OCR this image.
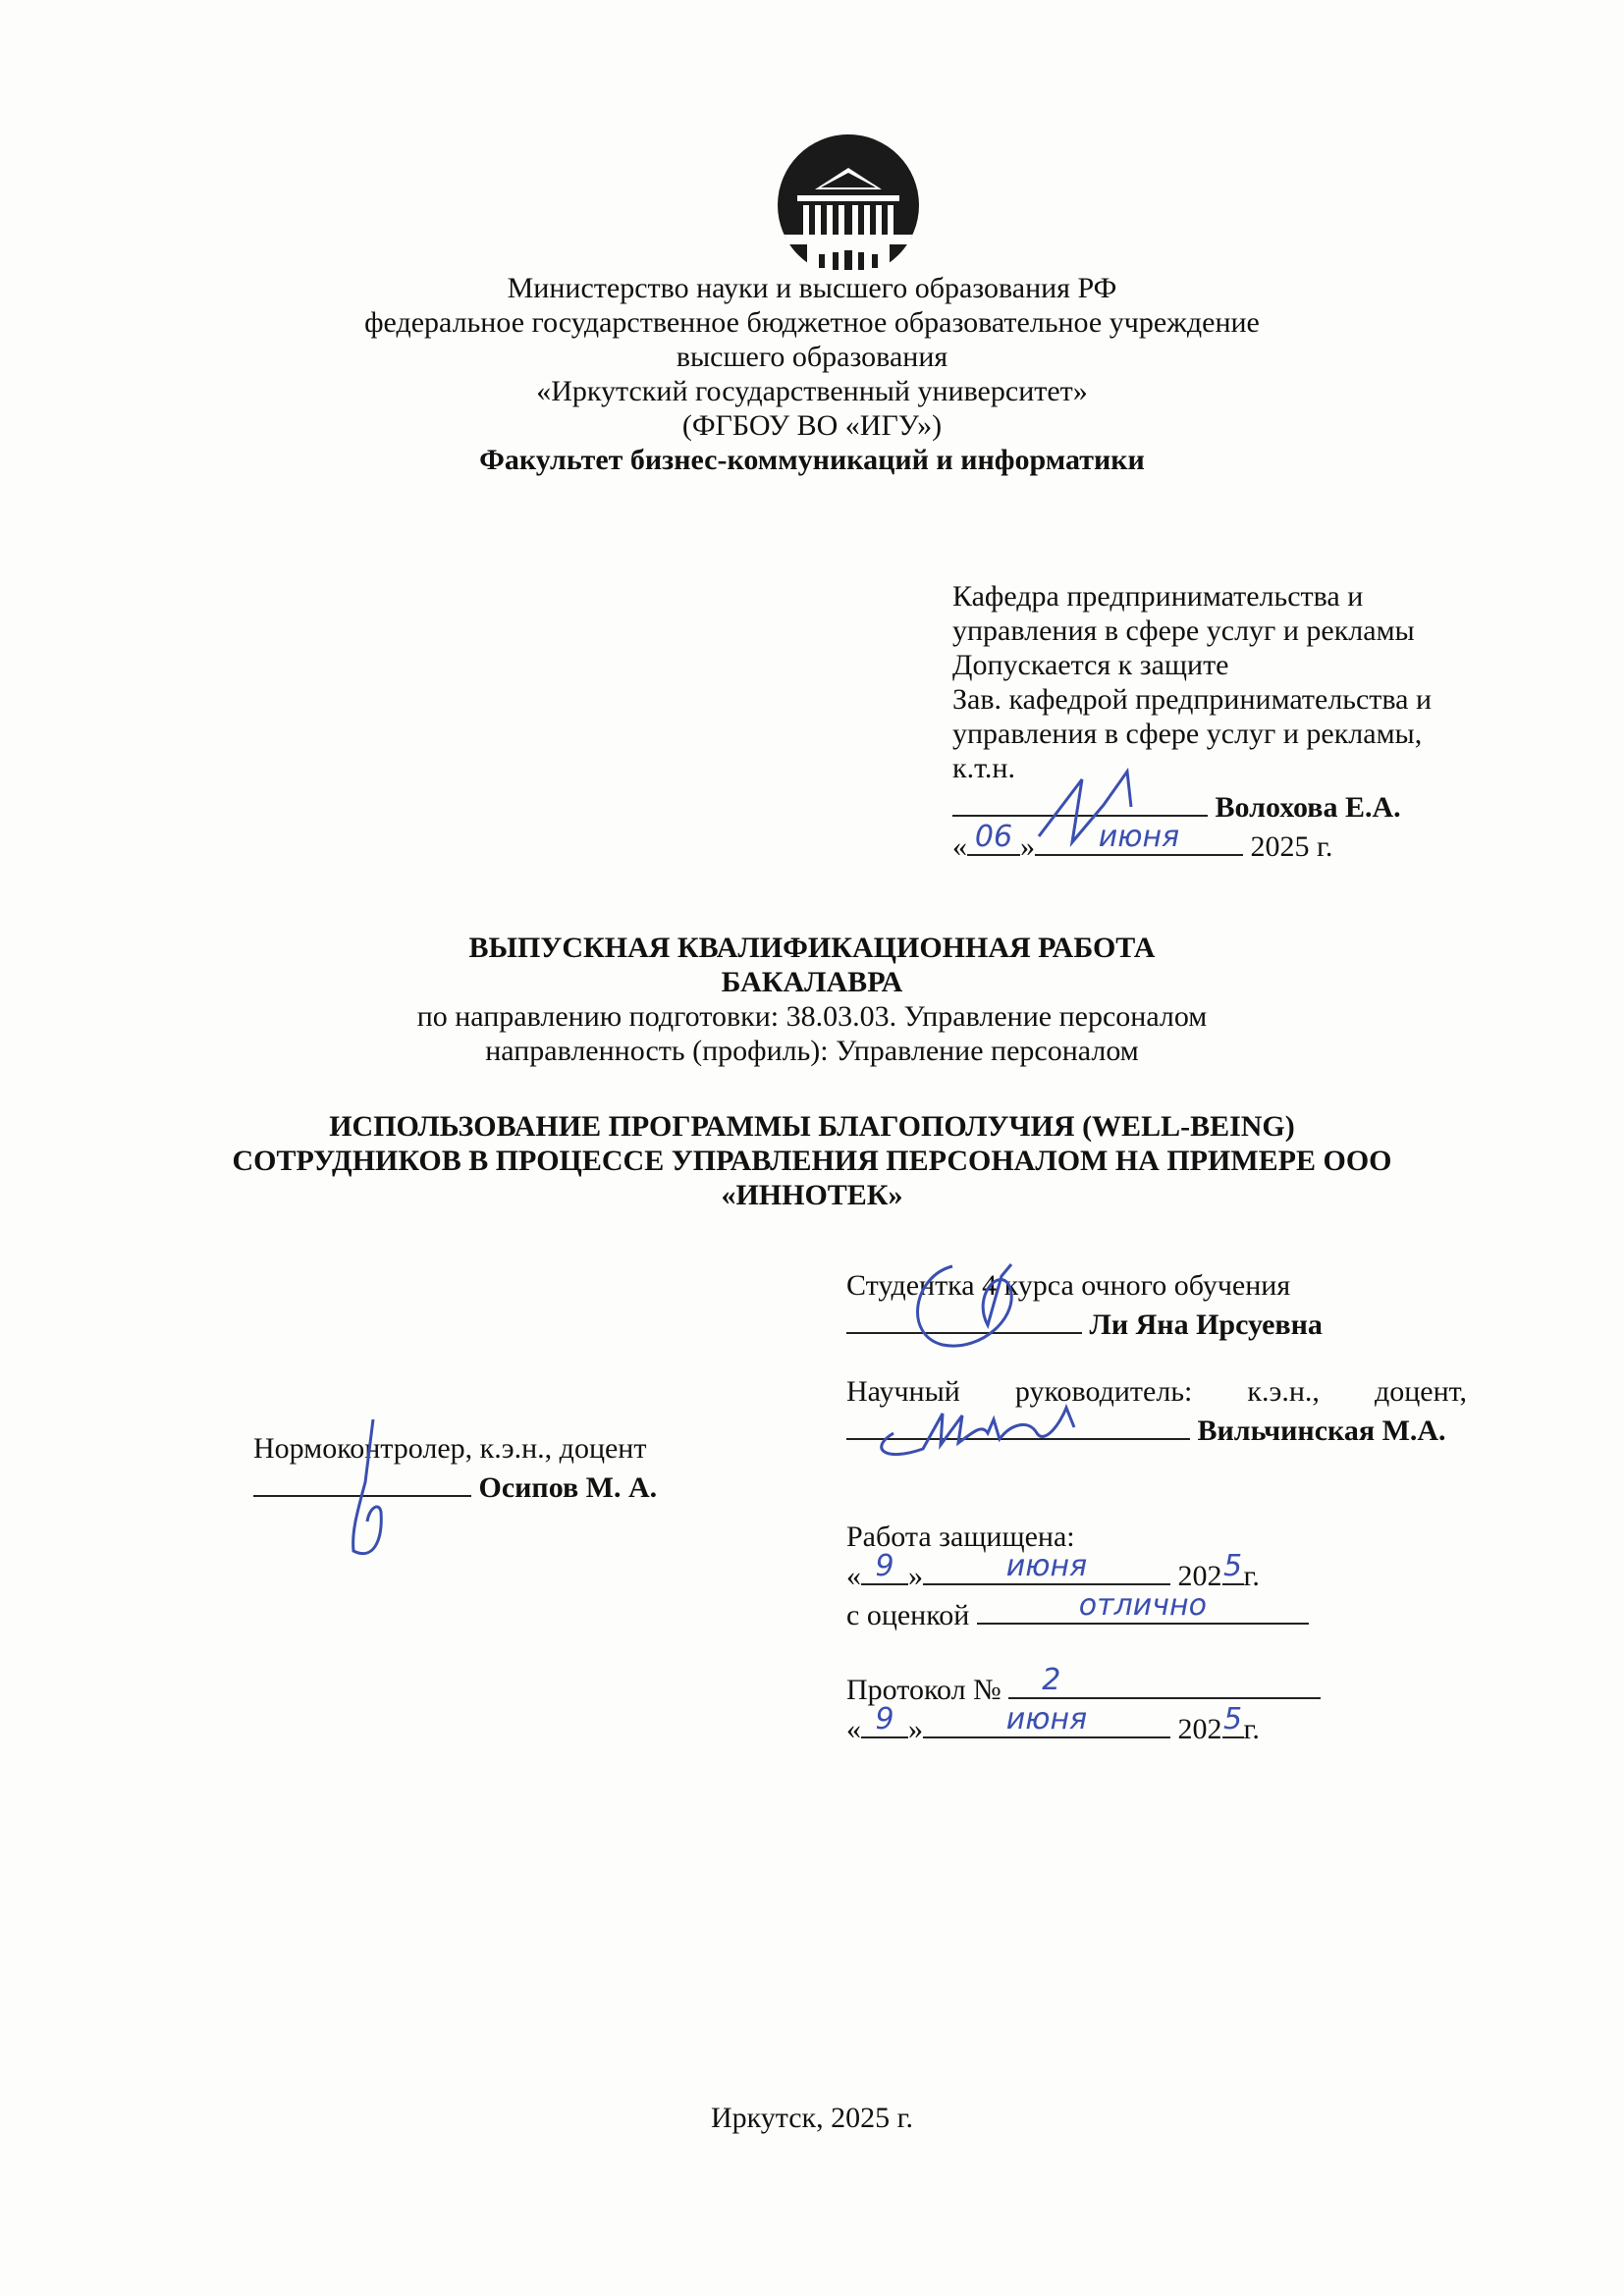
Министерство науки и высшего образования РФ
федеральное государственное бюджетное образовательное учреждение
высшего образования
«Иркутский государственный университет»
(ФГБОУ ВО «ИГУ»)
Факультет бизнес-коммуникаций и информатики
Кафедра предпринимательства и
управления в сфере услуг и рекламы
Допускается к защите
Зав. кафедрой предпринимательства и
управления в сфере услуг и рекламы,
к.т.н.
Волохова Е.А.
« 06 »	июня	2025 г.
ВЫПУСКНАЯ КВАЛИФИКАЦИОННАЯ РАБОТА
БАКАЛАВРА
по направлению подготовки: 38.03.03. Управление персоналом
направленность (профиль): Управление персоналом
ИСПОЛЬЗОВАНИЕ ПРОГРАММЫ БЛАГОПОЛУЧИЯ (WELL-BEING)
СОТРУДНИКОВ В ПРОЦЕССЕ УПРАВЛЕНИЯ ПЕРСОНАЛОМ НА ПРИМЕРЕ ООО
«ИННОТЕК»
Студентка 4 курса очного обучения
Ли Яна Ирсуевна
Научный руководитель: к.э.н., доцент,
Вильчинская М.А.
Нормоконтролер, к.э.н., доцент
Осипов М. А.
Работа защищена:
« 9 »	июня	202 5 г.
с оценкой	отлично
Протокол № 2
« 9 »	июня	202 5 г.
Иркутск, 2025 г.
